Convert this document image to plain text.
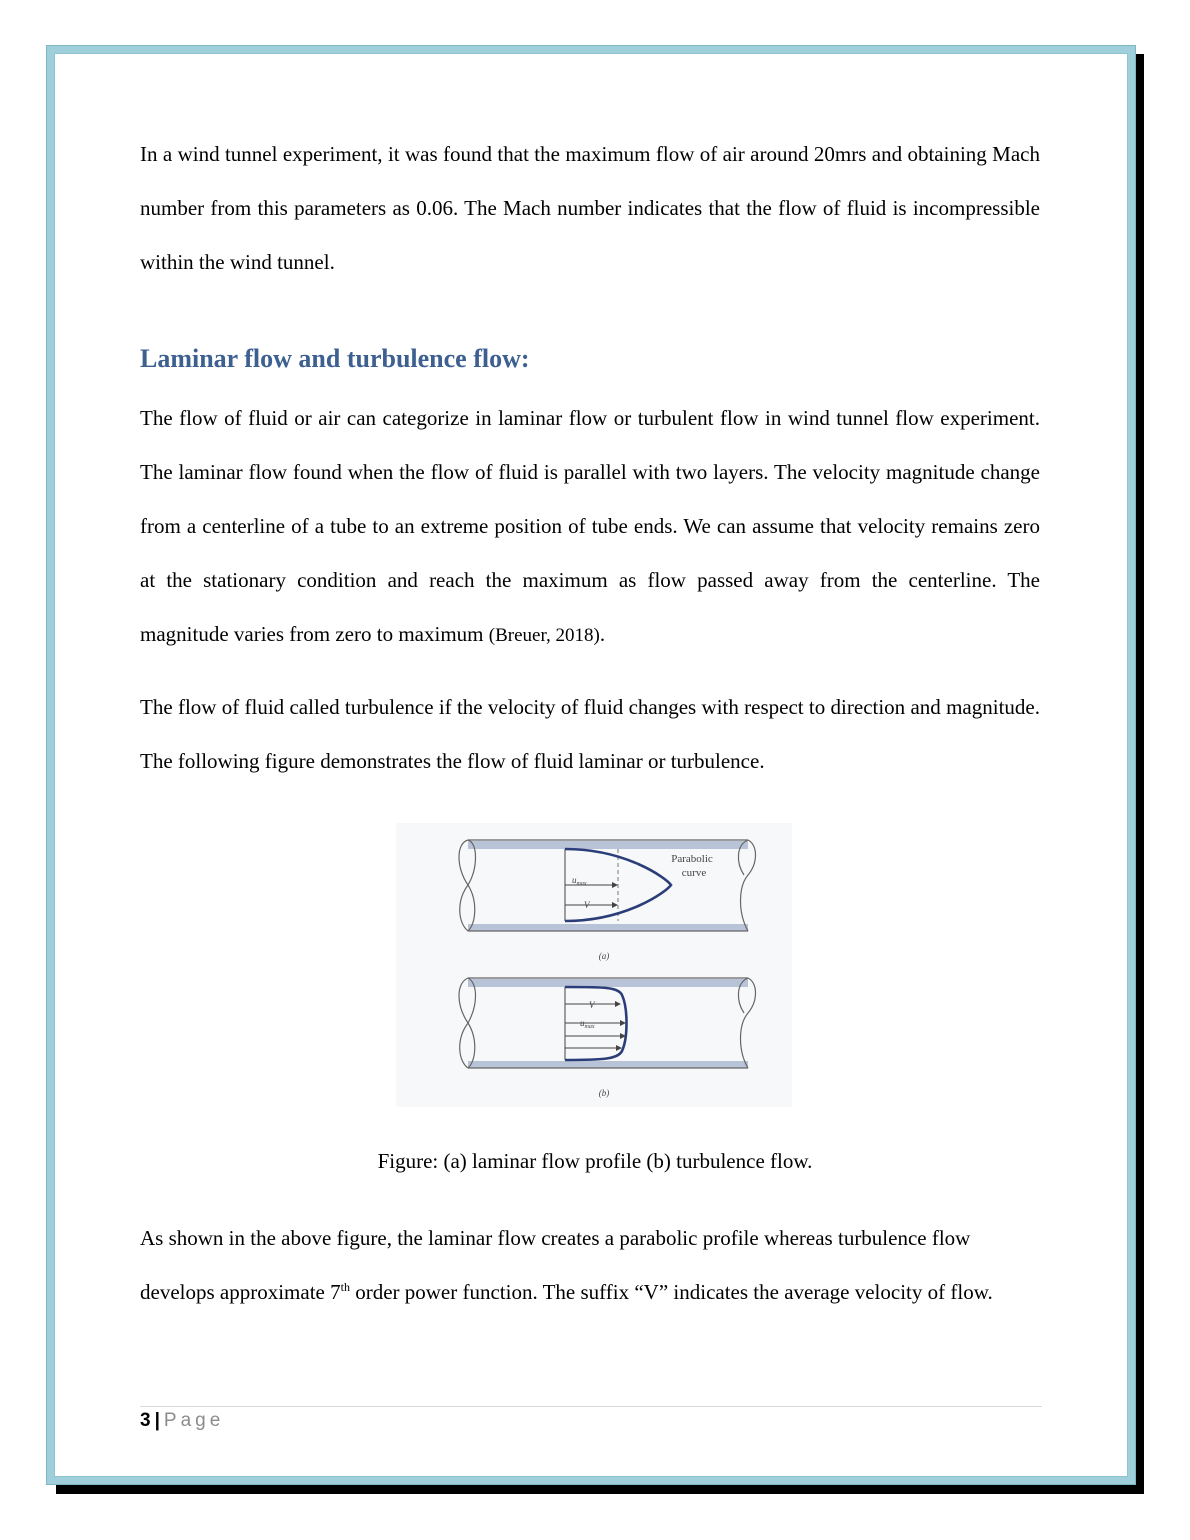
In a wind tunnel experiment, it was found that the maximum flow of air around 20mrs and obtaining Mach number from this parameters as 0.06. The Mach number indicates that the flow of fluid is incompressible within the wind tunnel.

Laminar flow and turbulence flow:

The flow of fluid or air can categorize in laminar flow or turbulent flow in wind tunnel flow experiment. The laminar flow found when the flow of fluid is parallel with two layers. The velocity magnitude change from a centerline of a tube to an extreme position of tube ends. We can assume that velocity remains zero at the stationary condition and reach the maximum as flow passed away from the centerline. The magnitude varies from zero to maximum (Breuer, 2018).

The flow of fluid called turbulence if the velocity of fluid changes with respect to direction and magnitude. The following figure demonstrates the flow of fluid laminar or turbulence.

As shown in the above figure, the laminar flow creates a parabolic profile whereas turbulence flow develops approximate 7th order power function. The suffix “V” indicates the average velocity of flow.

$u_{max}$
V
Parabolic
curve
(a)
V
$u_{max}$
(b)

Figure: (a) laminar flow profile (b) turbulence flow.

3 | Page
